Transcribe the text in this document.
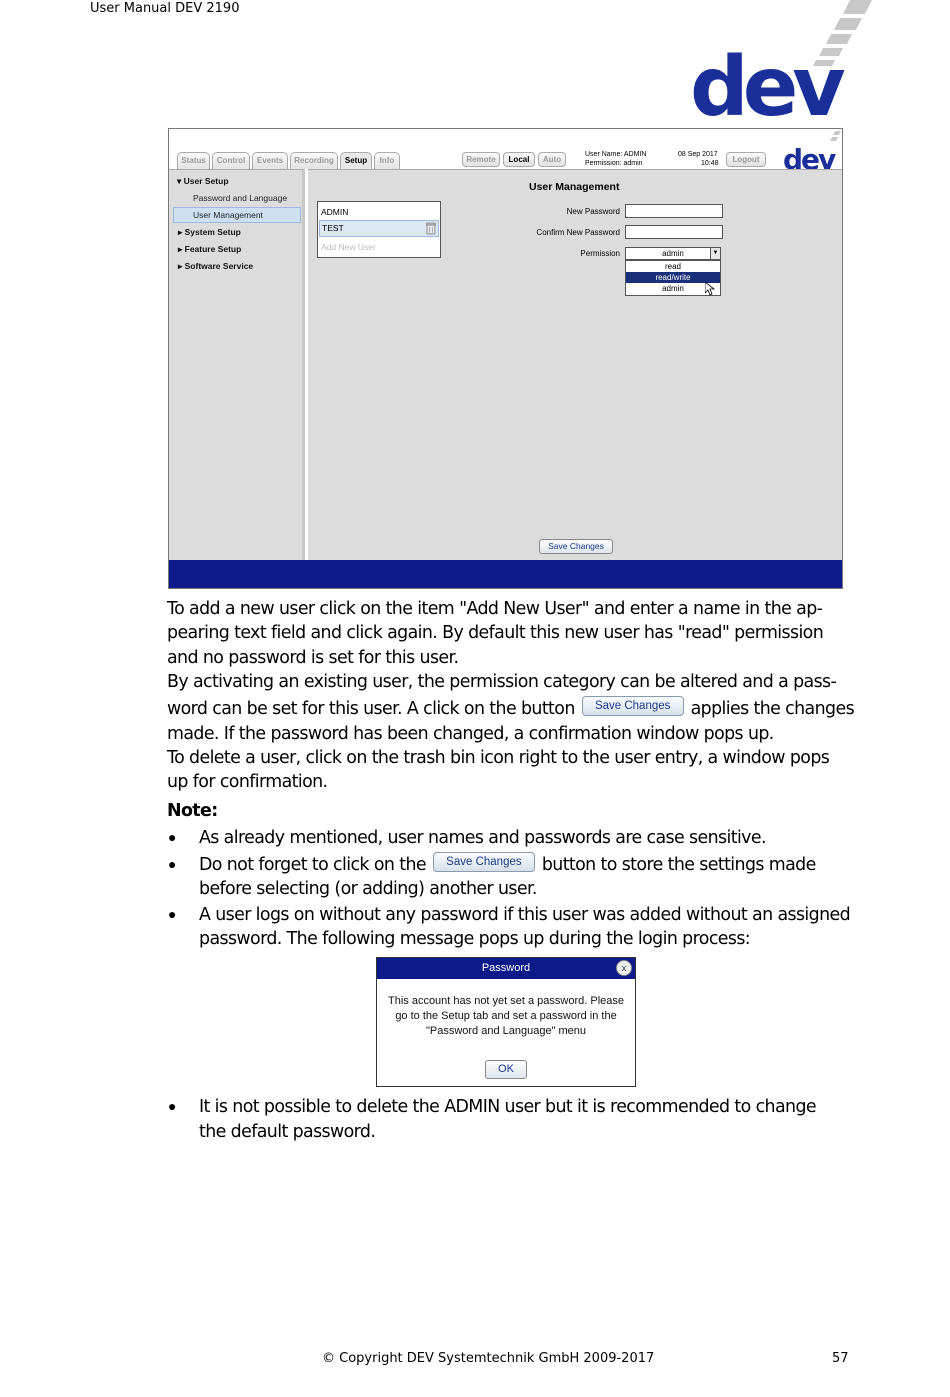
User Manual DEV 2190
dev
Status	Control	Events	Recording	Setup	Info	Remote	Local	Auto
User Name: ADMIN
Permission: admin
08 Sep 2017
10:48	Logout dev
▾ User Setup
Password and Language
User Management
▸ System Setup
▸ Feature Setup
▸ Software Service
User Management
ADMIN
TEST
Add New User
New Password
Confirm New Password
Permission	admin	▼
read
read/write
admin
Save Changes
To add a new user click on the item "Add New User" and enter a name in the ap-
pearing text field and click again. By default this new user has "read" permission
and no password is set for this user.
By activating an existing user, the permission category can be altered and a pass-
word can be set for this user. A click on the button Save Changes applies the changes
made. If the password has been changed, a confirmation window pops up.
To delete a user, click on the trash bin icon right to the user entry, a window pops
up for confirmation.
Note:
● As already mentioned, user names and passwords are case sensitive.
● Do not forget to click on the Save Changes button to store the settings made
before selecting (or adding) another user.
● A user logs on without any password if this user was added without an assigned
password. The following message pops up during the login process:
Password	x
This account has not yet set a password. Please
go to the Setup tab and set a password in the
"Password and Language" menu
OK
● It is not possible to delete the ADMIN user but it is recommended to change
the default password.
© Copyright DEV Systemtechnik GmbH 2009-2017	57
